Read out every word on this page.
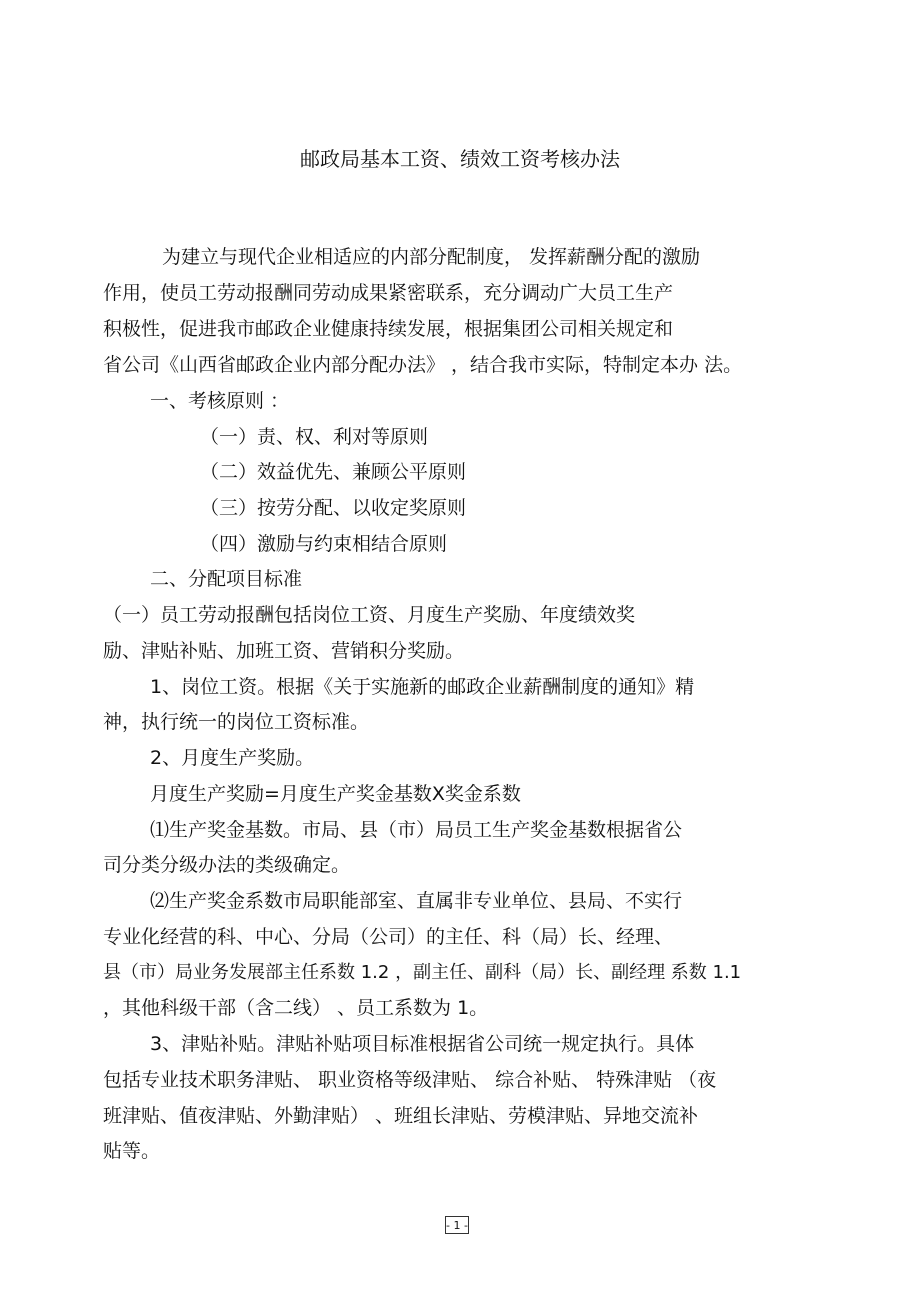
邮政局基本工资、绩效工资考核办法
为建立与现代企业相适应的内部分配制度， 发挥薪酬分配的激励
作用，使员工劳动报酬同劳动成果紧密联系，充分调动广大员工生产
积极性，促进我市邮政企业健康持续发展，根据集团公司相关规定和
省公司《山西省邮政企业内部分配办法》 ，结合我市实际，特制定本办 法。
一、考核原则 ：
（一）责、权、利对等原则
（二）效益优先、兼顾公平原则
（三）按劳分配、以收定奖原则
（四）激励与约束相结合原则
二、分配项目标准
（一）员工劳动报酬包括岗位工资、月度生产奖励、年度绩效奖
励、津贴补贴、加班工资、营销积分奖励。
1、岗位工资。根据《关于实施新的邮政企业薪酬制度的通知》精
神，执行统一的岗位工资标准。
2、月度生产奖励。
月度生产奖励=月度生产奖金基数X奖金系数
⑴生产奖金基数。市局、县（市）局员工生产奖金基数根据省公
司分类分级办法的类级确定。
⑵生产奖金系数市局职能部室、直属非专业单位、县局、不实行
专业化经营的科、中心、分局（公司）的主任、科（局）长、经理、
县（市）局业务发展部主任系数 1.2 ，副主任、副科（局）长、副经理 系数 1.1
，其他科级干部（含二线） 、员工系数为 1。
3、津贴补贴。津贴补贴项目标准根据省公司统一规定执行。具体
包括专业技术职务津贴、 职业资格等级津贴、 综合补贴、 特殊津贴 （夜
班津贴、值夜津贴、外勤津贴） 、班组长津贴、劳模津贴、异地交流补
贴等。
- 1 -
